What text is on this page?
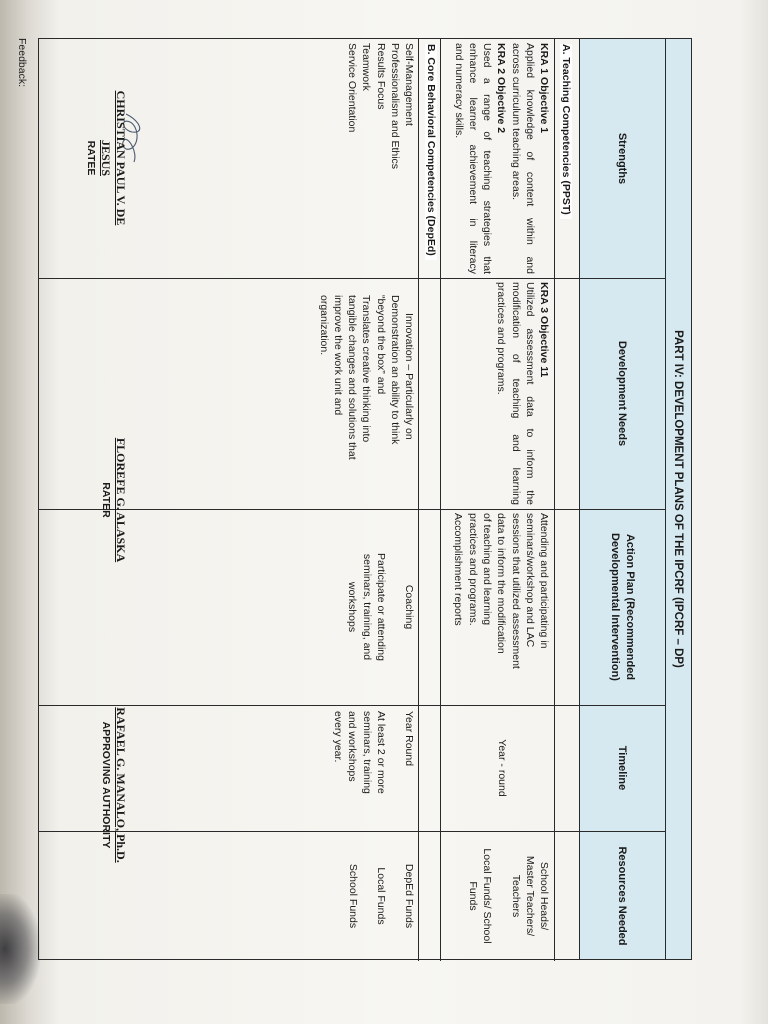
PART IV: DEVELOPMENT PLANS OF THE IPCRF (IPCRF – DP)
Strengths
Development Needs
Action Plan (Recommended
Developmental Intervention)
Timeline
Resources Needed
A. Teaching Competencies (PPST)
KRA 1 Objective 1
Applied knowledge of content within and
across curriculum teaching areas.
KRA 2 Objective 2
Used a range of teaching strategies that
enhance learner achievement in literacy
and numeracy skills.
KRA 3 Objective 11
Utilized assessment data to inform the
modification of teaching and learning
practices and programs.
Attending and participating in
seminars/workshop and LAC
sessions that utilized assessment
data to inform the modification
of teaching and learning
practices and programs.
Accomplishment reports
Year - round
School Heads/
Master Teachers/
Teachers
Local Funds/ School
Funds
B. Core Behavioral Competencies (DepEd)
Self-Management
Professionalism and Ethics
Results Focus
Teamwork
Service Orientation
Innovation – Particularly on
Demonstration an ability to think
“beyond the box” and
Translates creative thinking into
tangible changes and solutions that
improve the work unit and
organization.
Coaching
Participate or attending
seminars, training, and
workshops
Year Round
At least 2 or more
seminars, training
and workshops
every year.
DepEd Funds
Local Funds
School Funds
Feedback:
CHRISTIAN PAUL V. DE JESUS
RATEE
FLOREFE G. ALASKA
RATER
RAFAEL G. MANALO, Ph.D.
APPROVING AUTHORITY
